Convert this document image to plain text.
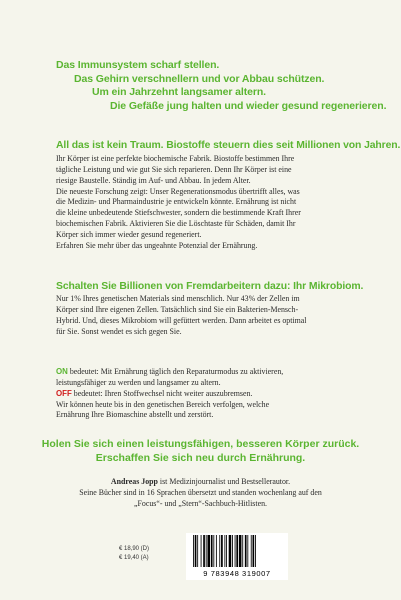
Das Immunsystem scharf stellen.
Das Gehirn verschnellern und vor Abbau schützen.
Um ein Jahrzehnt langsamer altern.
Die Gefäße jung halten und wieder gesund regenerieren.
All das ist kein Traum. Biostoffe steuern dies seit Millionen von Jahren.
Ihr Körper ist eine perfekte biochemische Fabrik. Biostoffe bestimmen Ihre
tägliche Leistung und wie gut Sie sich reparieren. Denn Ihr Körper ist eine
riesige Baustelle. Ständig im Auf- und Abbau. In jedem Alter.
Die neueste Forschung zeigt: Unser Regenerationsmodus übertrifft alles, was
die Medizin- und Pharmaindustrie je entwickeln könnte. Ernährung ist nicht
die kleine unbedeutende Stiefschwester, sondern die bestimmende Kraft Ihrer
biochemischen Fabrik. Aktivieren Sie die Löschtaste für Schäden, damit Ihr
Körper sich immer wieder gesund regeneriert.
Erfahren Sie mehr über das ungeahnte Potenzial der Ernährung.
Schalten Sie Billionen von Fremdarbeitern dazu: Ihr Mikrobiom.
Nur 1% Ihres genetischen Materials sind menschlich. Nur 43% der Zellen im
Körper sind Ihre eigenen Zellen. Tatsächlich sind Sie ein Bakterien-Mensch-
Hybrid. Und, dieses Mikrobiom will gefüttert werden. Dann arbeitet es optimal
für Sie. Sonst wendet es sich gegen Sie.
ON bedeutet: Mit Ernährung täglich den Reparaturmodus zu aktivieren,
leistungsfähiger zu werden und langsamer zu altern.
OFF bedeutet: Ihren Stoffwechsel nicht weiter auszubremsen.
Wir können heute bis in den genetischen Bereich verfolgen, welche
Ernährung Ihre Biomaschine abstellt und zerstört.
Holen Sie sich einen leistungsfähigen, besseren Körper zurück.
Erschaffen Sie sich neu durch Ernährung.
Andreas Jopp ist Medizinjournalist und Bestsellerautor.
Seine Bücher sind in 16 Sprachen übersetzt und standen wochenlang auf den
„Focus“- und „Stern“-Sachbuch-Hitlisten.
€ 18,90 (D)
€ 19,40 (A)
9 783948 319007
